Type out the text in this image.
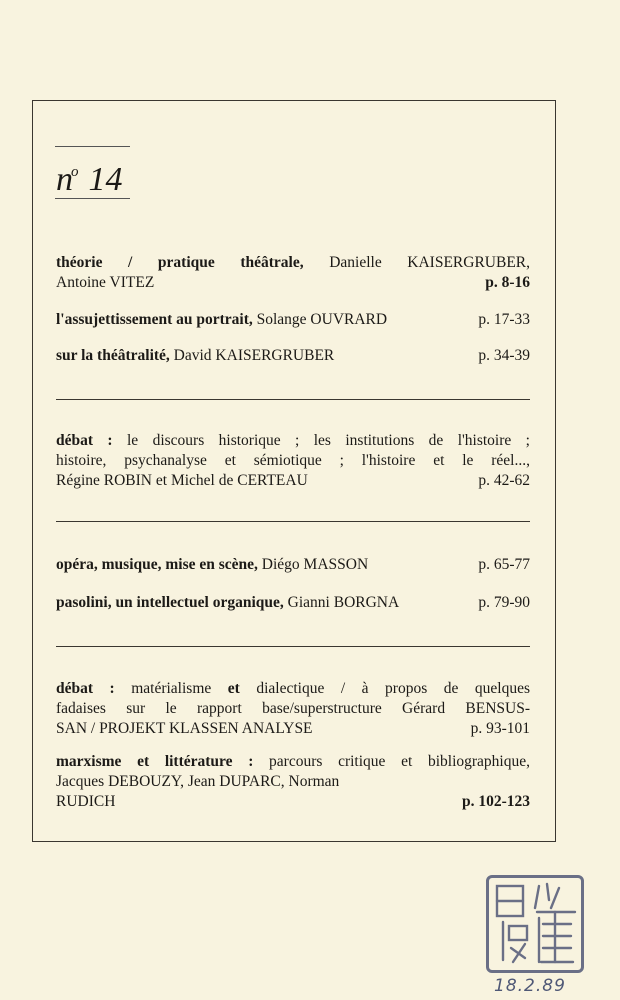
$n^o$ 14
théorie / pratique théâtrale, Danielle KAISERGRUBER,
Antoine VITEZ	p. 8-16
l'assujettissement au portrait, Solange OUVRARD	p. 17-33
sur la théâtralité, David KAISERGRUBER	p. 34-39
débat : le discours historique ; les institutions de l'histoire ;
histoire, psychanalyse et sémiotique ; l'histoire et le réel...,
Régine ROBIN et Michel de CERTEAU	p. 42-62
opéra, musique, mise en scène, Diégo MASSON	p. 65-77
pasolini, un intellectuel organique, Gianni BORGNA	p. 79-90
débat : matérialisme et dialectique / à propos de quelques
fadaises sur le rapport base/superstructure Gérard BENSUS-
SAN / PROJEKT KLASSEN ANALYSE	p. 93-101
marxisme et littérature : parcours critique et bibliographique,
Jacques DEBOUZY, Jean DUPARC, Norman
RUDICH	p. 102-123
18.2.89
